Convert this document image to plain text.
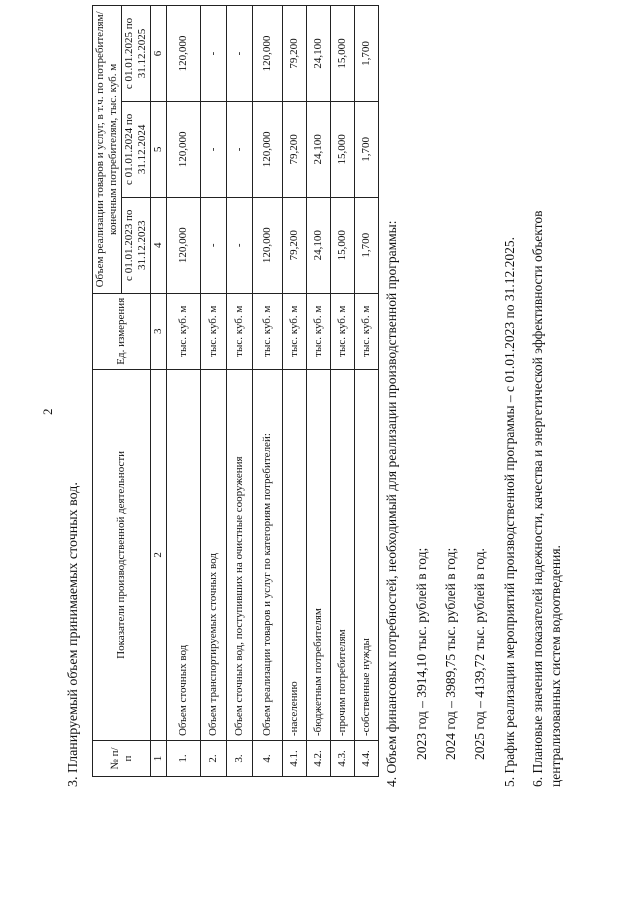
2
3. Планируемый объем принимаемых сточных вод.	№ п/п	Показатели производственной деятельности	Ед. измерения	Объем реализации товаров и услуг, в т.ч. по потребителям/ конечным потребителям, тыс. куб. м		
			с 01.01.2023 по 31.12.2023	с 01.01.2024 по 31.12.2024	с 01.01.2025 по 31.12.2025
1	2	3	4	5	6
1.	Объем сточных вод	тыс. куб. м	120,000	120,000	120,000
2.	Объем транспортируемых сточных вод	тыс. куб. м	-	-	-
3.	Объем сточных вод, поступивших на очистные сооружения	тыс. куб. м	-	-	-
4.	Объем реализации товаров и услуг по категориям потребителей:	тыс. куб. м	120,000	120,000	120,000
4.1.	-населению	тыс. куб. м	79,200	79,200	79,200
4.2.	-бюджетным потребителям	тыс. куб. м	24,100	24,100	24,100
4.3.	-прочим потребителям	тыс. куб. м	15,000	15,000	15,000
4.4.	-собственные нужды	тыс. куб. м	1,700	1,700	1,700
4. Объем финансовых потребностей, необходимый для реализации производственной программы: 2023 год – 3914,10 тыс. рублей в год; 2024 год – 3989,75 тыс. рублей в год; 2025 год – 4139,72 тыс. рублей в год. 5. График реализации мероприятий производственной программы – с 01.01.2023 по 31.12.2025. 6. Плановые значения показателей надежности, качества и энергетической эффективности объектов централизованных систем водоотведения.
